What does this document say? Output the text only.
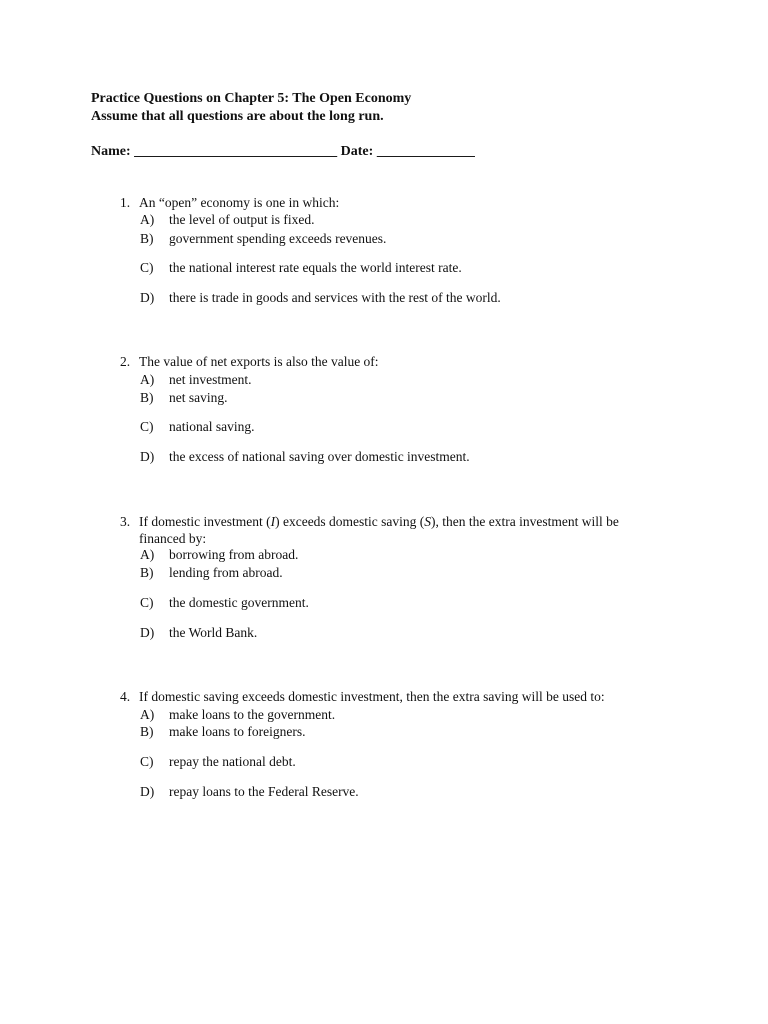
Practice Questions on Chapter 5: The Open Economy
Assume that all questions are about the long run.
Name: _____________________________ Date: ______________
1. An “open” economy is one in which:
A) the level of output is fixed.
B) government spending exceeds revenues.
C) the national interest rate equals the world interest rate.
D) there is trade in goods and services with the rest of the world.
2. The value of net exports is also the value of:
A) net investment.
B) net saving.
C) national saving.
D) the excess of national saving over domestic investment.
3. If domestic investment (I) exceeds domestic saving (S), then the extra investment will be
financed by:
A) borrowing from abroad.
B) lending from abroad.
C) the domestic government.
D) the World Bank.
4. If domestic saving exceeds domestic investment, then the extra saving will be used to:
A) make loans to the government.
B) make loans to foreigners.
C) repay the national debt.
D) repay loans to the Federal Reserve.
